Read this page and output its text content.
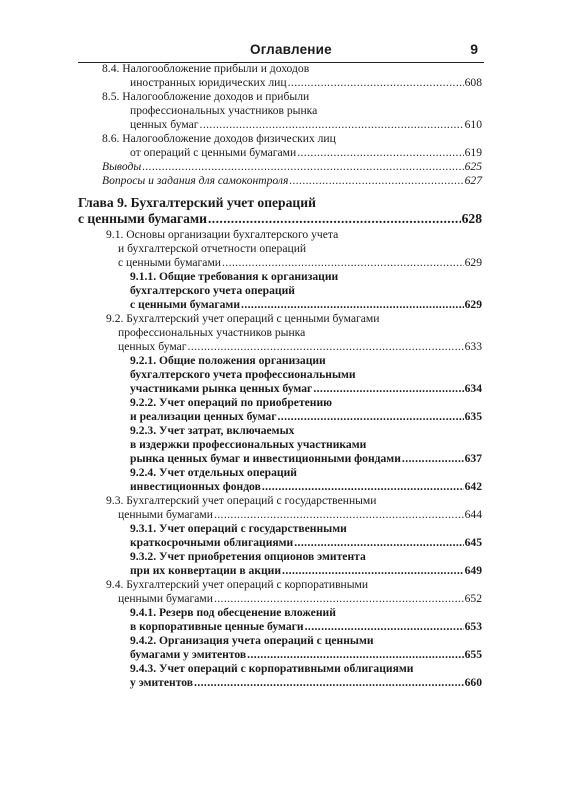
Оглавление	9
8.4. Налогообложение прибыли и доходов
иностранных юридических лиц .....	608
8.5. Налогообложение доходов и прибыли
профессиональных участников рынка
ценных бумаг .....	610
8.6. Налогообложение доходов физических лиц
от операций с ценными бумагами .....	619
Выводы .....	625
Вопросы и задания для самоконтроля .....	627
Глава 9. Бухгалтерский учет операций
с ценными бумагами .....	628
9.1. Основы организации бухгалтерского учета
и бухгалтерской отчетности операций
с ценными бумагами .....	629
9.1.1. Общие требования к организации
бухгалтерского учета операций
с ценными бумагами .....	629
9.2. Бухгалтерский учет операций с ценными бумагами
профессиональных участников рынка
ценных бумаг .....	633
9.2.1. Общие положения организации
бухгалтерского учета профессиональными
участниками рынка ценных бумаг .....	634
9.2.2. Учет операций по приобретению
и реализации ценных бумаг .....	635
9.2.3. Учет затрат, включаемых
в издержки профессиональных участниками
рынка ценных бумаг и инвестиционными фондами .....	637
9.2.4. Учет отдельных операций
инвестиционных фондов .....	642
9.3. Бухгалтерский учет операций с государственными
ценными бумагами .....	644
9.3.1. Учет операций с государственными
краткосрочными облигациями .....	645
9.3.2. Учет приобретения опционов эмитента
при их конвертации в акции .....	649
9.4. Бухгалтерский учет операций с корпоративными
ценными бумагами .....	652
9.4.1. Резерв под обесценение вложений
в корпоративные ценные бумаги .....	653
9.4.2. Организация учета операций с ценными
бумагами у эмитентов .....	655
9.4.3. Учет операций с корпоративными облигациями
у эмитентов .....	660
